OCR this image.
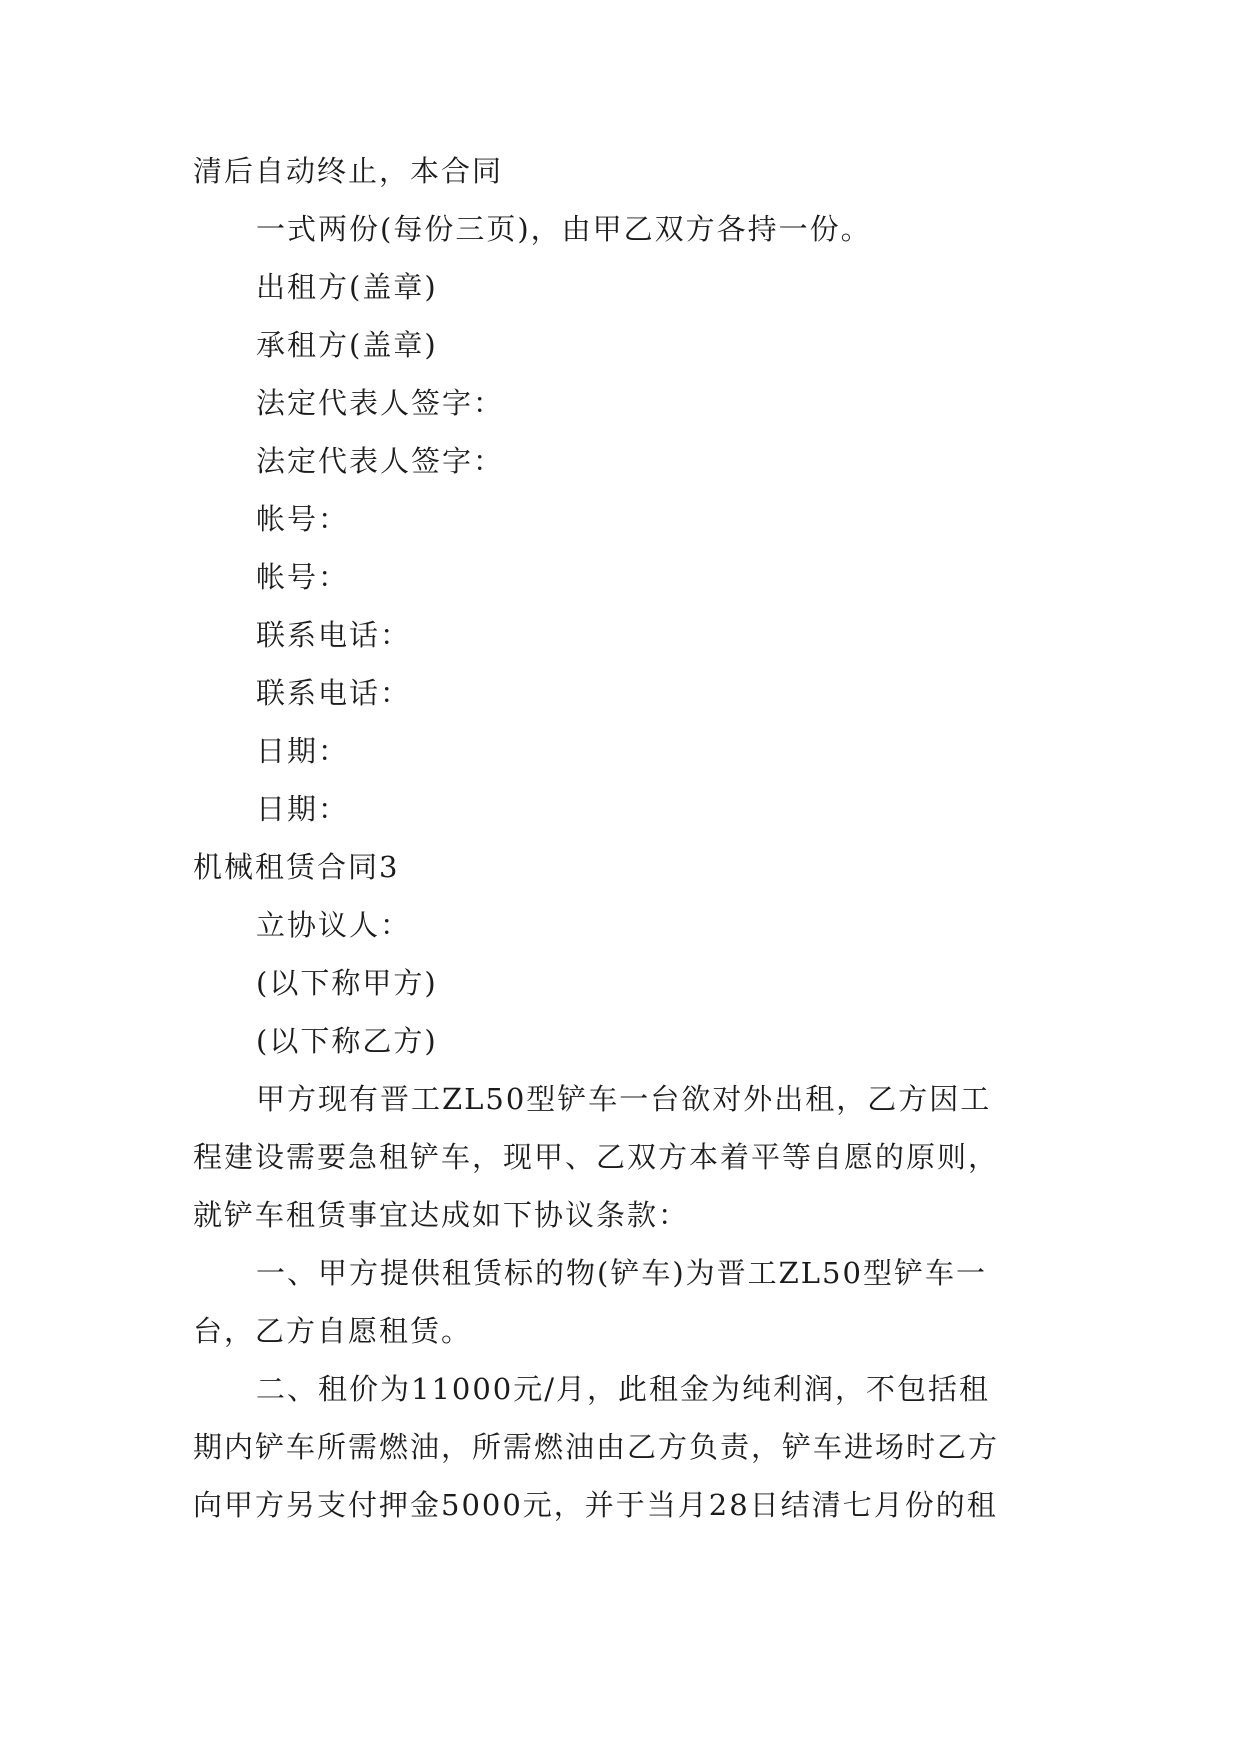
清后自动终止，本合同
一式两份(每份三页)，由甲乙双方各持一份。
出租方(盖章)
承租方(盖章)
法定代表人签字：
法定代表人签字：
帐号：
帐号：
联系电话：
联系电话：
日期：
日期：
机械租赁合同3
立协议人：
(以下称甲方)
(以下称乙方)
甲方现有晋工ZL50型铲车一台欲对外出租，乙方因工
程建设需要急租铲车，现甲、乙双方本着平等自愿的原则，
就铲车租赁事宜达成如下协议条款：
一、甲方提供租赁标的物(铲车)为晋工ZL50型铲车一
台，乙方自愿租赁。
二、租价为11000元/月，此租金为纯利润，不包括租
期内铲车所需燃油，所需燃油由乙方负责，铲车进场时乙方
向甲方另支付押金5000元，并于当月28日结清七月份的租
